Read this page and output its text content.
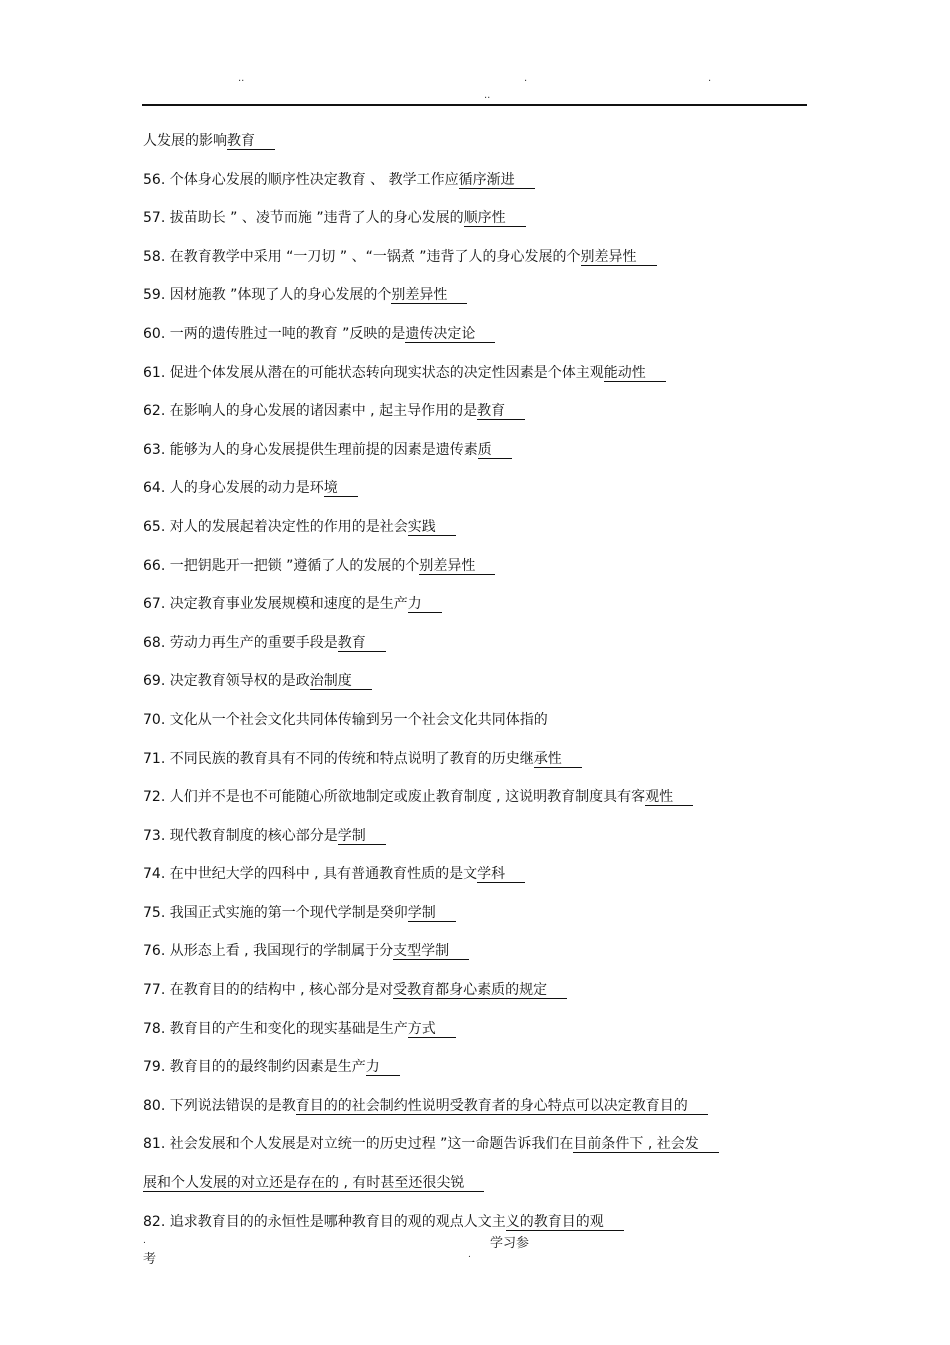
..	.	.
..
人发展的影响教育
56. 个体身心发展的顺序性决定教育 、 教学工作应循序渐进
57. 拔苗助长 ” 、凌节而施 ”违背了人的身心发展的顺序性
58. 在教育教学中采用 “一刀切 ” 、“一锅煮 ”违背了人的身心发展的个别差异性
59. 因材施教 ”体现了人的身心发展的个别差异性
60. 一两的遗传胜过一吨的教育 ”反映的是遗传决定论
61. 促进个体发展从潜在的可能状态转向现实状态的决定性因素是个体主观能动性
62. 在影响人的身心发展的诸因素中 , 起主导作用的是教育
63. 能够为人的身心发展提供生理前提的因素是遗传素质
64. 人的身心发展的动力是环境
65. 对人的发展起着决定性的作用的是社会实践
66. 一把钥匙开一把锁 ”遵循了人的发展的个别差异性
67. 决定教育事业发展规模和速度的是生产力
68. 劳动力再生产的重要手段是教育
69. 决定教育领导权的是政治制度
70. 文化从一个社会文化共同体传输到另一个社会文化共同体指的
71. 不同民族的教育具有不同的传统和特点说明了教育的历史继承性
72. 人们并不是也不可能随心所欲地制定或废止教育制度 , 这说明教育制度具有客观性
73. 现代教育制度的核心部分是学制
74. 在中世纪大学的四科中 , 具有普通教育性质的是文学科
75. 我国正式实施的第一个现代学制是癸卯学制
76. 从形态上看 , 我国现行的学制属于分支型学制
77. 在教育目的的结构中 , 核心部分是对受教育都身心素质的规定
78. 教育目的产生和变化的现实基础是生产方式
79. 教育目的的最终制约因素是生产力
80. 下列说法错误的是教育目的的社会制约性说明受教育者的身心特点可以决定教育目的
81. 社会发展和个人发展是对立统一的历史过程 ”这一命题告诉我们在目前条件下 , 社会发
展和个人发展的对立还是存在的 , 有时甚至还很尖锐
82. 追求教育目的的永恒性是哪种教育目的观的观点人文主义的教育目的观
学习参
.
考	.
